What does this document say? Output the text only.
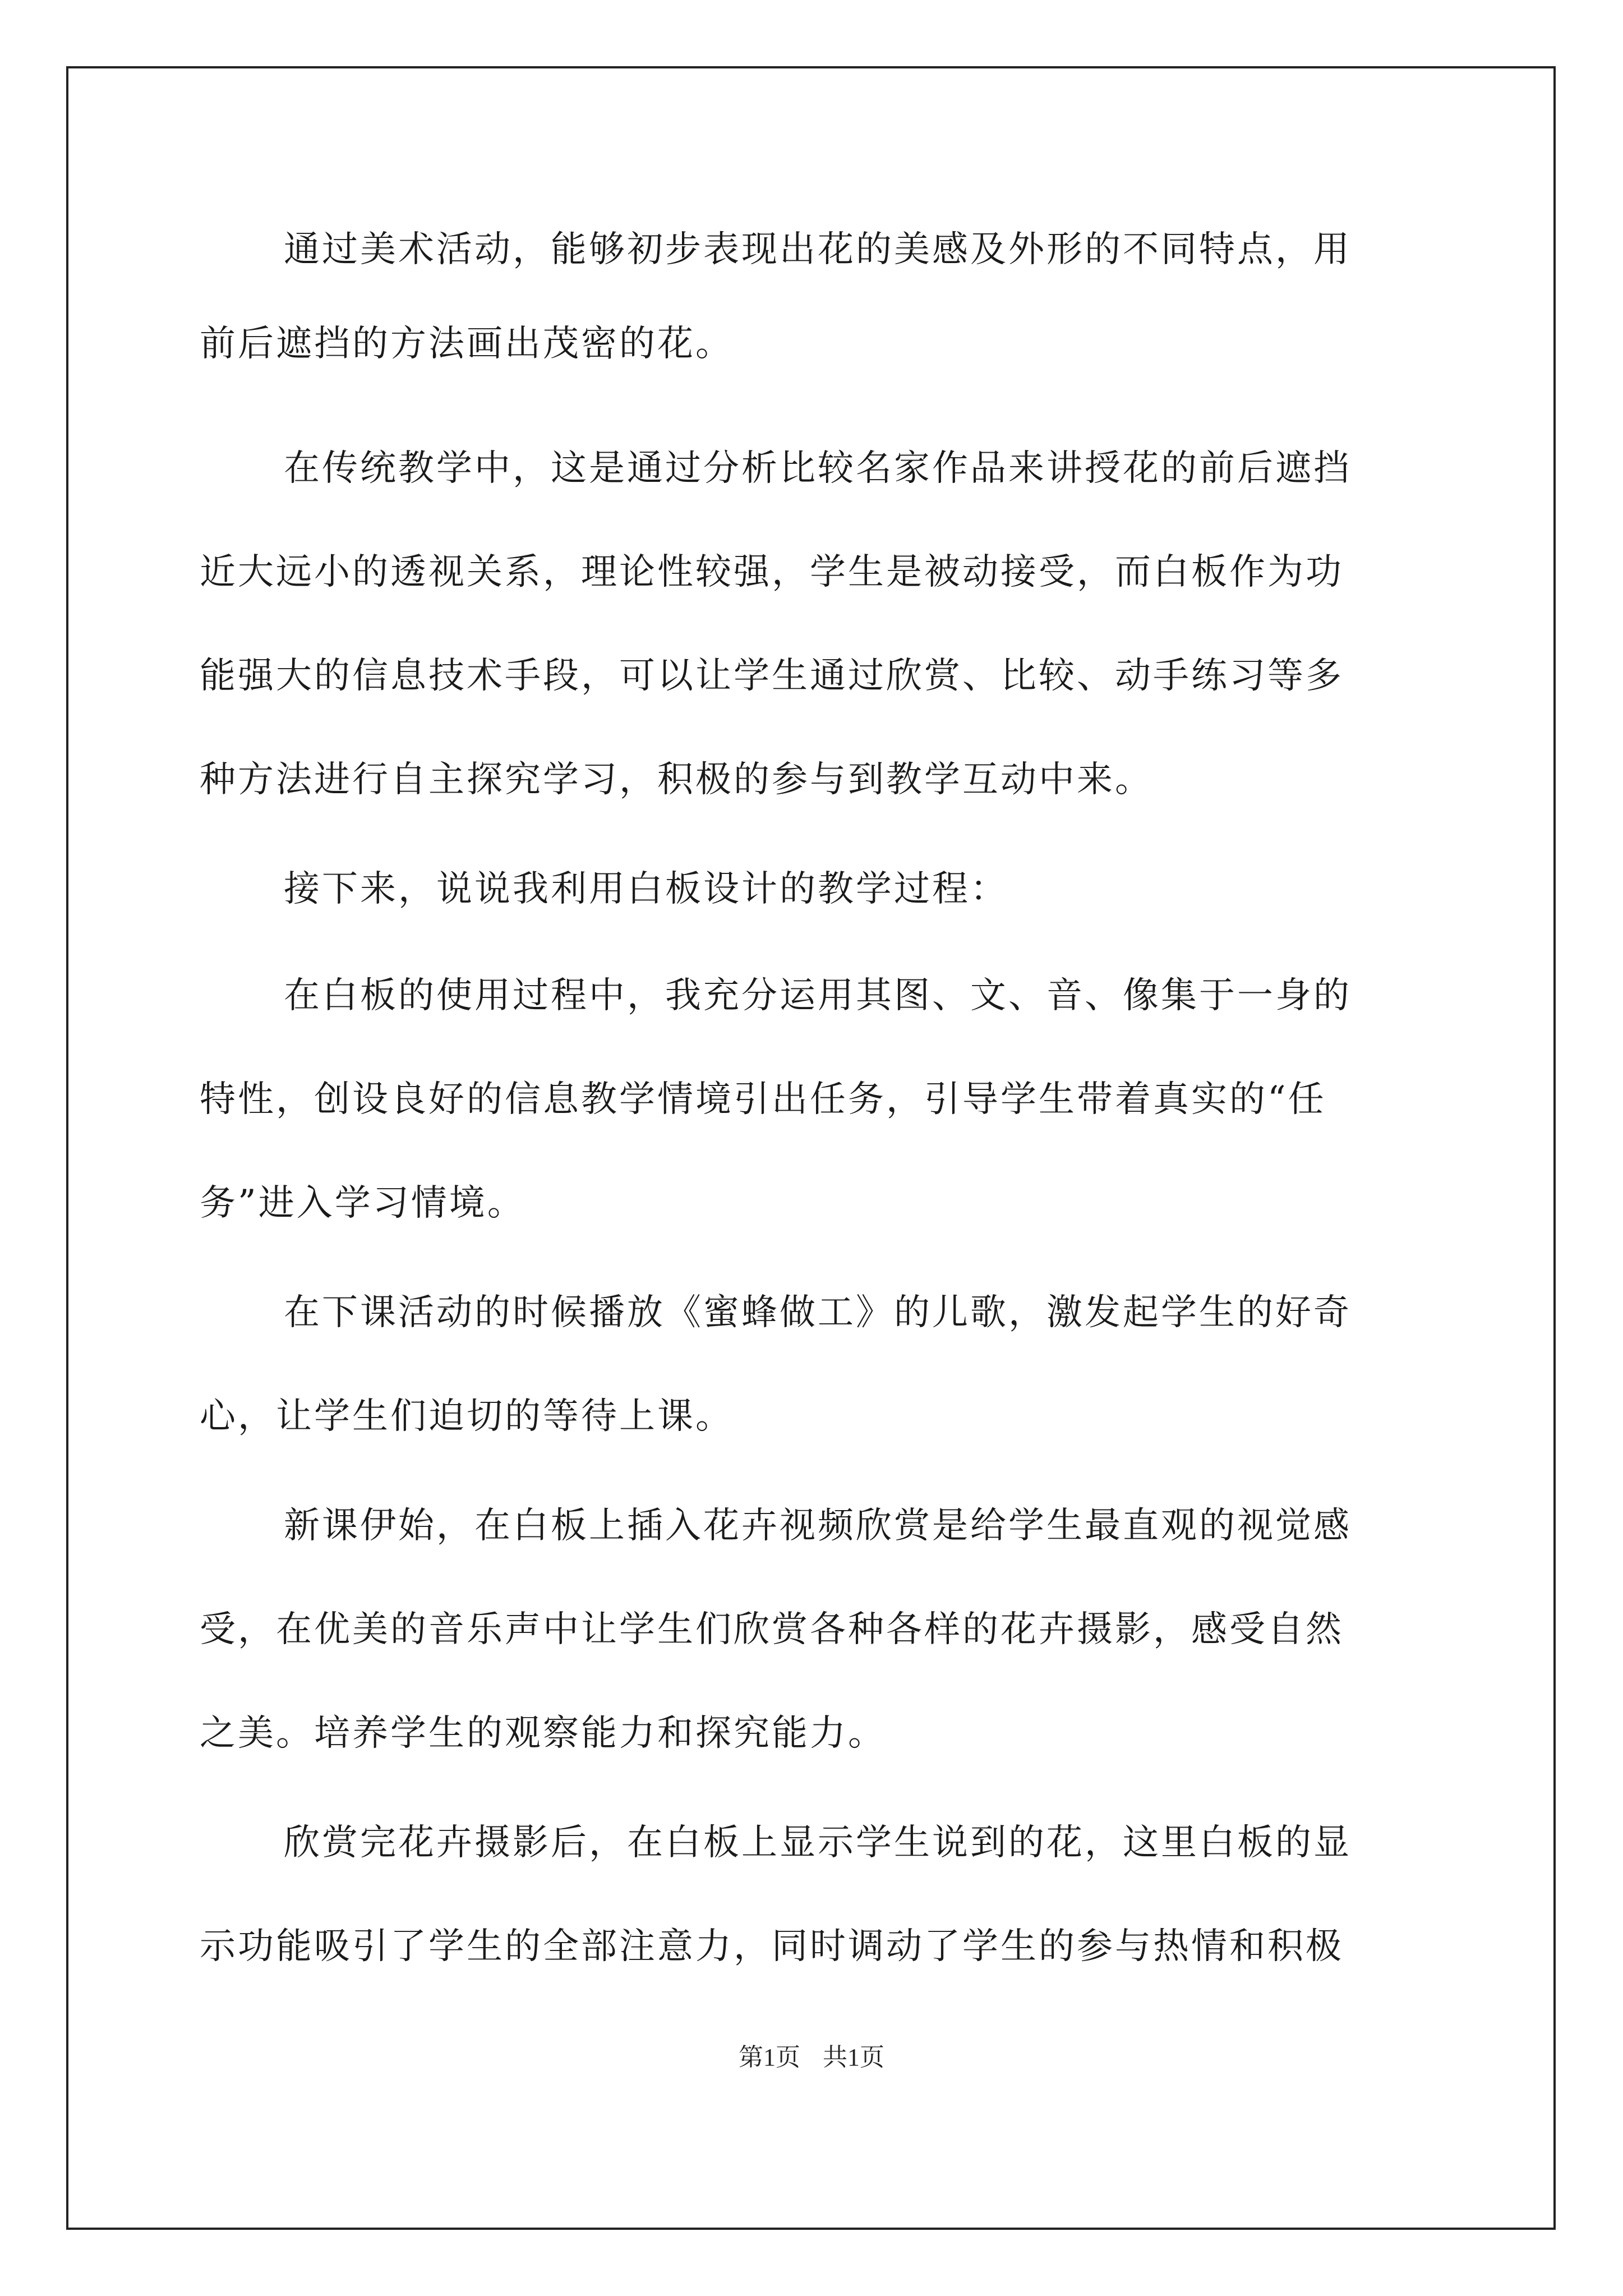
通过美术活动，能够初步表现出花的美感及外形的不同特点，用
前后遮挡的方法画出茂密的花。
在传统教学中，这是通过分析比较名家作品来讲授花的前后遮挡
近大远小的透视关系，理论性较强，学生是被动接受，而白板作为功
能强大的信息技术手段，可以让学生通过欣赏、比较、动手练习等多
种方法进行自主探究学习，积极的参与到教学互动中来。
接下来，说说我利用白板设计的教学过程：
在白板的使用过程中，我充分运用其图、文、音、像集于一身的
特性，创设良好的信息教学情境引出任务，引导学生带着真实的“任
务”进入学习情境。
在下课活动的时候播放《蜜蜂做工》的儿歌，激发起学生的好奇
心，让学生们迫切的等待上课。
新课伊始，在白板上插入花卉视频欣赏是给学生最直观的视觉感
受，在优美的音乐声中让学生们欣赏各种各样的花卉摄影，感受自然
之美。培养学生的观察能力和探究能力。
欣赏完花卉摄影后，在白板上显示学生说到的花，这里白板的显
示功能吸引了学生的全部注意力，同时调动了学生的参与热情和积极
第1页 共1页
